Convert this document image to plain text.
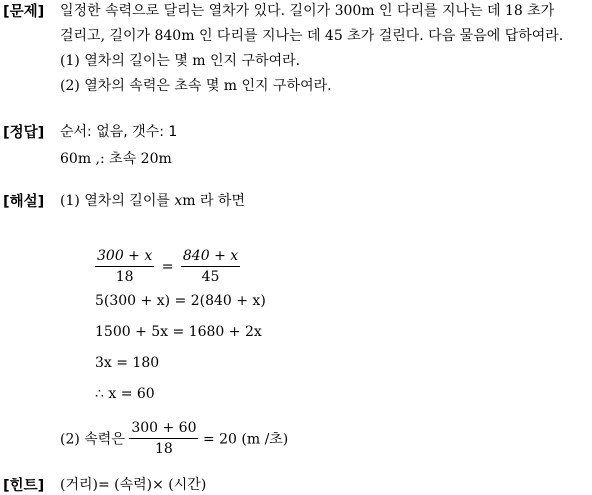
[문제] 일정한 속력으로 달리는 열차가 있다. 길이가 300m 인 다리를 지나는 데 18 초가
걸리고, 길이가 840m 인 다리를 지나는 데 45 초가 걸린다. 다음 물음에 답하여라.
(1) 열차의 길이는 몇 m 인지 구하여라.
(2) 열차의 속력은 초속 몇 m 인지 구하여라.
[정답] 순서: 없음, 갯수: 1
60m ,: 초속 20m
[해설] (1) 열차의 길이를 xm 라 하면
$\frac{300 + x}{18} = \frac{840 + x}{45}$
5(300 + x) = 2(840 + x)
1500 + 5x = 1680 + 2x
3x = 180
∴ x = 60
(2) 속력은 $\frac{300 + 60}{18} = 20$ (m /초)
[힌트] (거리)= (속력)× (시간)
